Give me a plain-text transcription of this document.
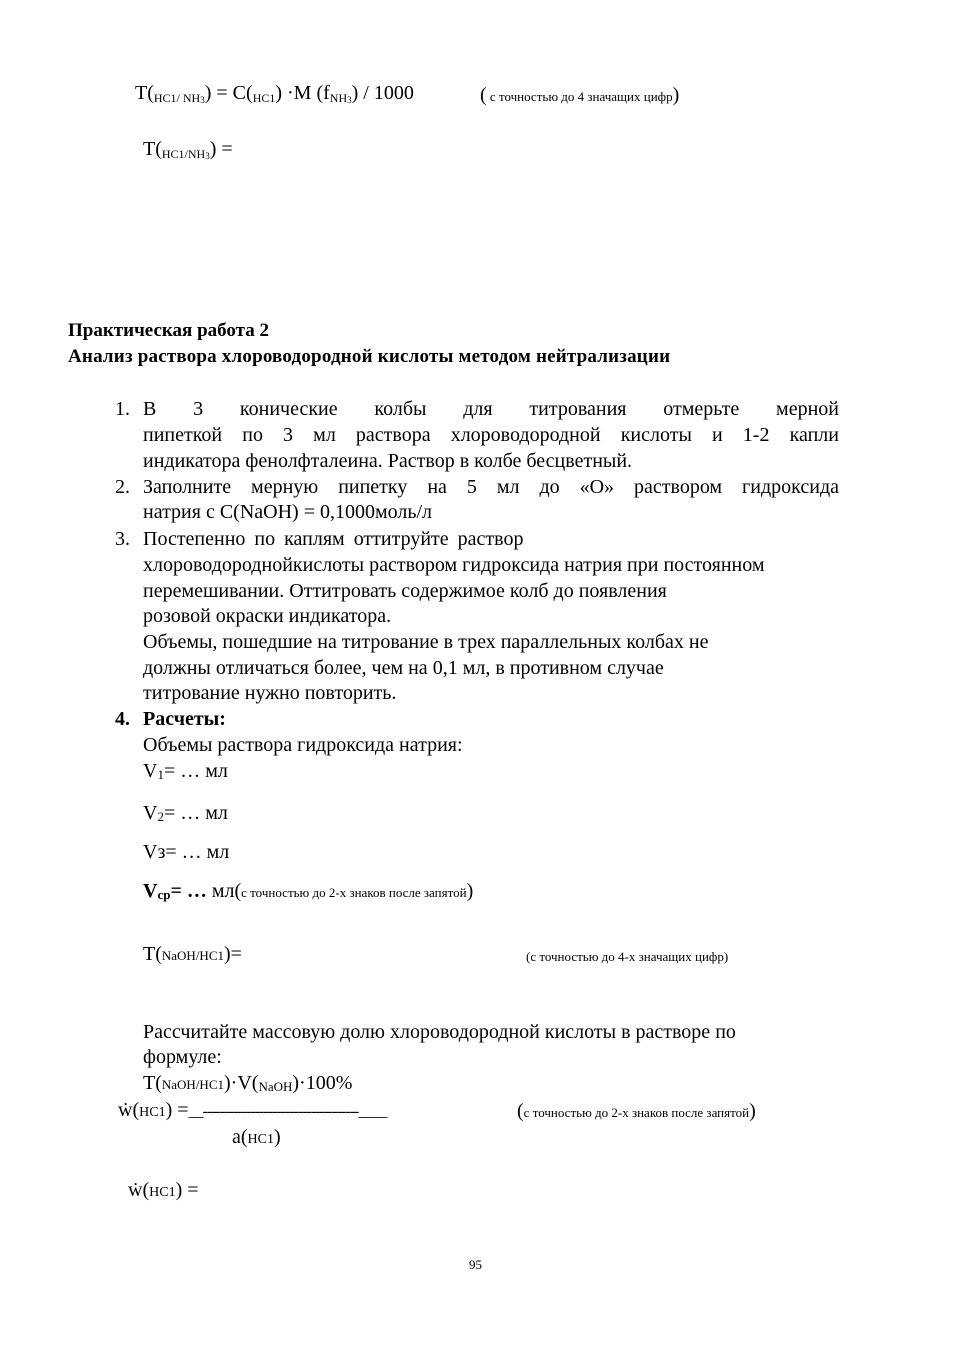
$T(_{HC1/ NH3}) = C(_{HC1}) \cdot M$ $(f_{NH3}) / 1000$	( с точностью до 4 значащих цифр)
$T(_{HC1/NH3})$ =
Практическая работа 2
Анализ раствора хлороводородной кислоты методом нейтрализации
1. В 3 конические колбы для титрования отмерьте мерной
пипеткой по 3 мл раствора хлороводородной кислоты и 1-2 капли
индикатора фенолфталеина. Раствор в колбе бесцветный.
2. Заполните мерную пипетку на 5 мл до «О» раствором гидроксида
натрия с C(NaOH) = 0,1000моль/л
3. Постепенно по каплям оттитруйте раствор
хлороводороднойкислоты раствором гидроксида натрия при постоянном
перемешивании. Оттитровать содержимое колб до появления
розовой окраски индикатора.
Объемы, пошедшие на титрование в трех параллельных колбах не
должны отличаться более, чем на 0,1 мл, в противном случае
титрование нужно повторить.
4. Расчеты:
Объемы раствора гидроксида натрия:
V1= … мл
V2= … мл
Vз= … мл
Vср= … мл(с точностью до 2-х знаков после запятой)
T(NaOH/HC1)=	(с точностью до 4-х значащих цифр)
Рассчитайте массовую долю хлороводородной кислоты в растворе по
формуле:
T(NaOH/HC1)·V(NaOH)·100%
ẇ(HC1) =__------------------------------------____	(с точностью до 2-х знаков после запятой)
a(HC1)
ẇ(HC1) =
95
